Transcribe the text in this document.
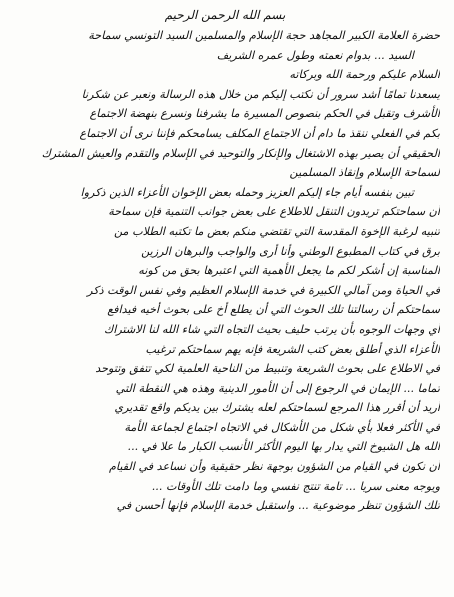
بسم الله الرحمن الرحيم
حضرة العلامة الكبير المجاهد حجة الإسلام والمسلمين السيد التونسي سماحة
السيد ... بدوام نعمته وطول عمره الشريف
السلام عليكم ورحمة الله وبركاته
يسعدنا تمامًا أشد سرور أن نكتب إليكم من خلال هذه الرسالة ونعبر عن شكرنا
الأشرف وتقبل في الحكم بنصوص المسيرة ما يشرفنا ونسرع بنهضة الاجتماع
بكم في الفعلي ننقذ ما دام أن الاجتماع المكلف يسامحكم فإننا نرى أن الاجتماع
الحقيقي أن يصير بهذه الاشتغال والإنكار والتوحيد في الإسلام والتقدم والعيش المشترك
لسماحة الإسلام وإنقاذ المسلمين
تبين بنفسه أيام جاء إليكم العزيز وحمله بعض الإخوان الأعزاء الذين ذكروا
أن سماحتكم تريدون التنقل للاطلاع على بعض جوانب التنمية فإن سماحة
تنبيه لرغبة الإخوة المقدسة التي تقتضي منكم بعض ما تكتبه الطلاب من
برق في كتاب المطبوع الوطني وأنا أرى والواجب والبرهان الرزين
المناسبة إن أشكر لكم ما يجعل الأهمية التي اعتبرها بحق من كونه
في الحياة ومن آمالي الكبيرة في خدمة الإسلام العظيم وفي نفس الوقت ذكر
سماحتكم أن رسالتنا تلك الحوث التي أن يطلع أخ على بحوث أخيه فيدافع
أي وجهات الوجوه بأن يرتب حليف بحيث التجاه التي شاء الله لنا الاشتراك
الأعزاء الذي أطلق بعض كتب الشريعة فإنه يهم سماحتكم ترغيب
في الاطلاع على بحوث الشريعة وتنبيط من الناحية العلمية لكي تتفق وتتوحد
تماما ... الإيمان في الرجوع إلى أن الأمور الدينية وهذه هي النقطة التي
أريد أن أقرر هذا المرجع لسماحتكم لعله يشترك بين يديكم واقع تقديري
في الأكثر فعلا بأي شكل من الأشكال في الاتجاه اجتماع لجماعة الأمة
الله هل الشيوخ التي يدار بها اليوم الأكثر الأنسب الكبار ما علا في ...
أن نكون في القيام من الشؤون بوجهة نظر حقيقية وأن نساعد في القيام
ويوجه معنى سريا ... تامة تنتج نفسي وما دامت تلك الأوقات ...
تلك الشؤون تنظر موضوعية ... واستقبل خدمة الإسلام فإنها أحسن في
